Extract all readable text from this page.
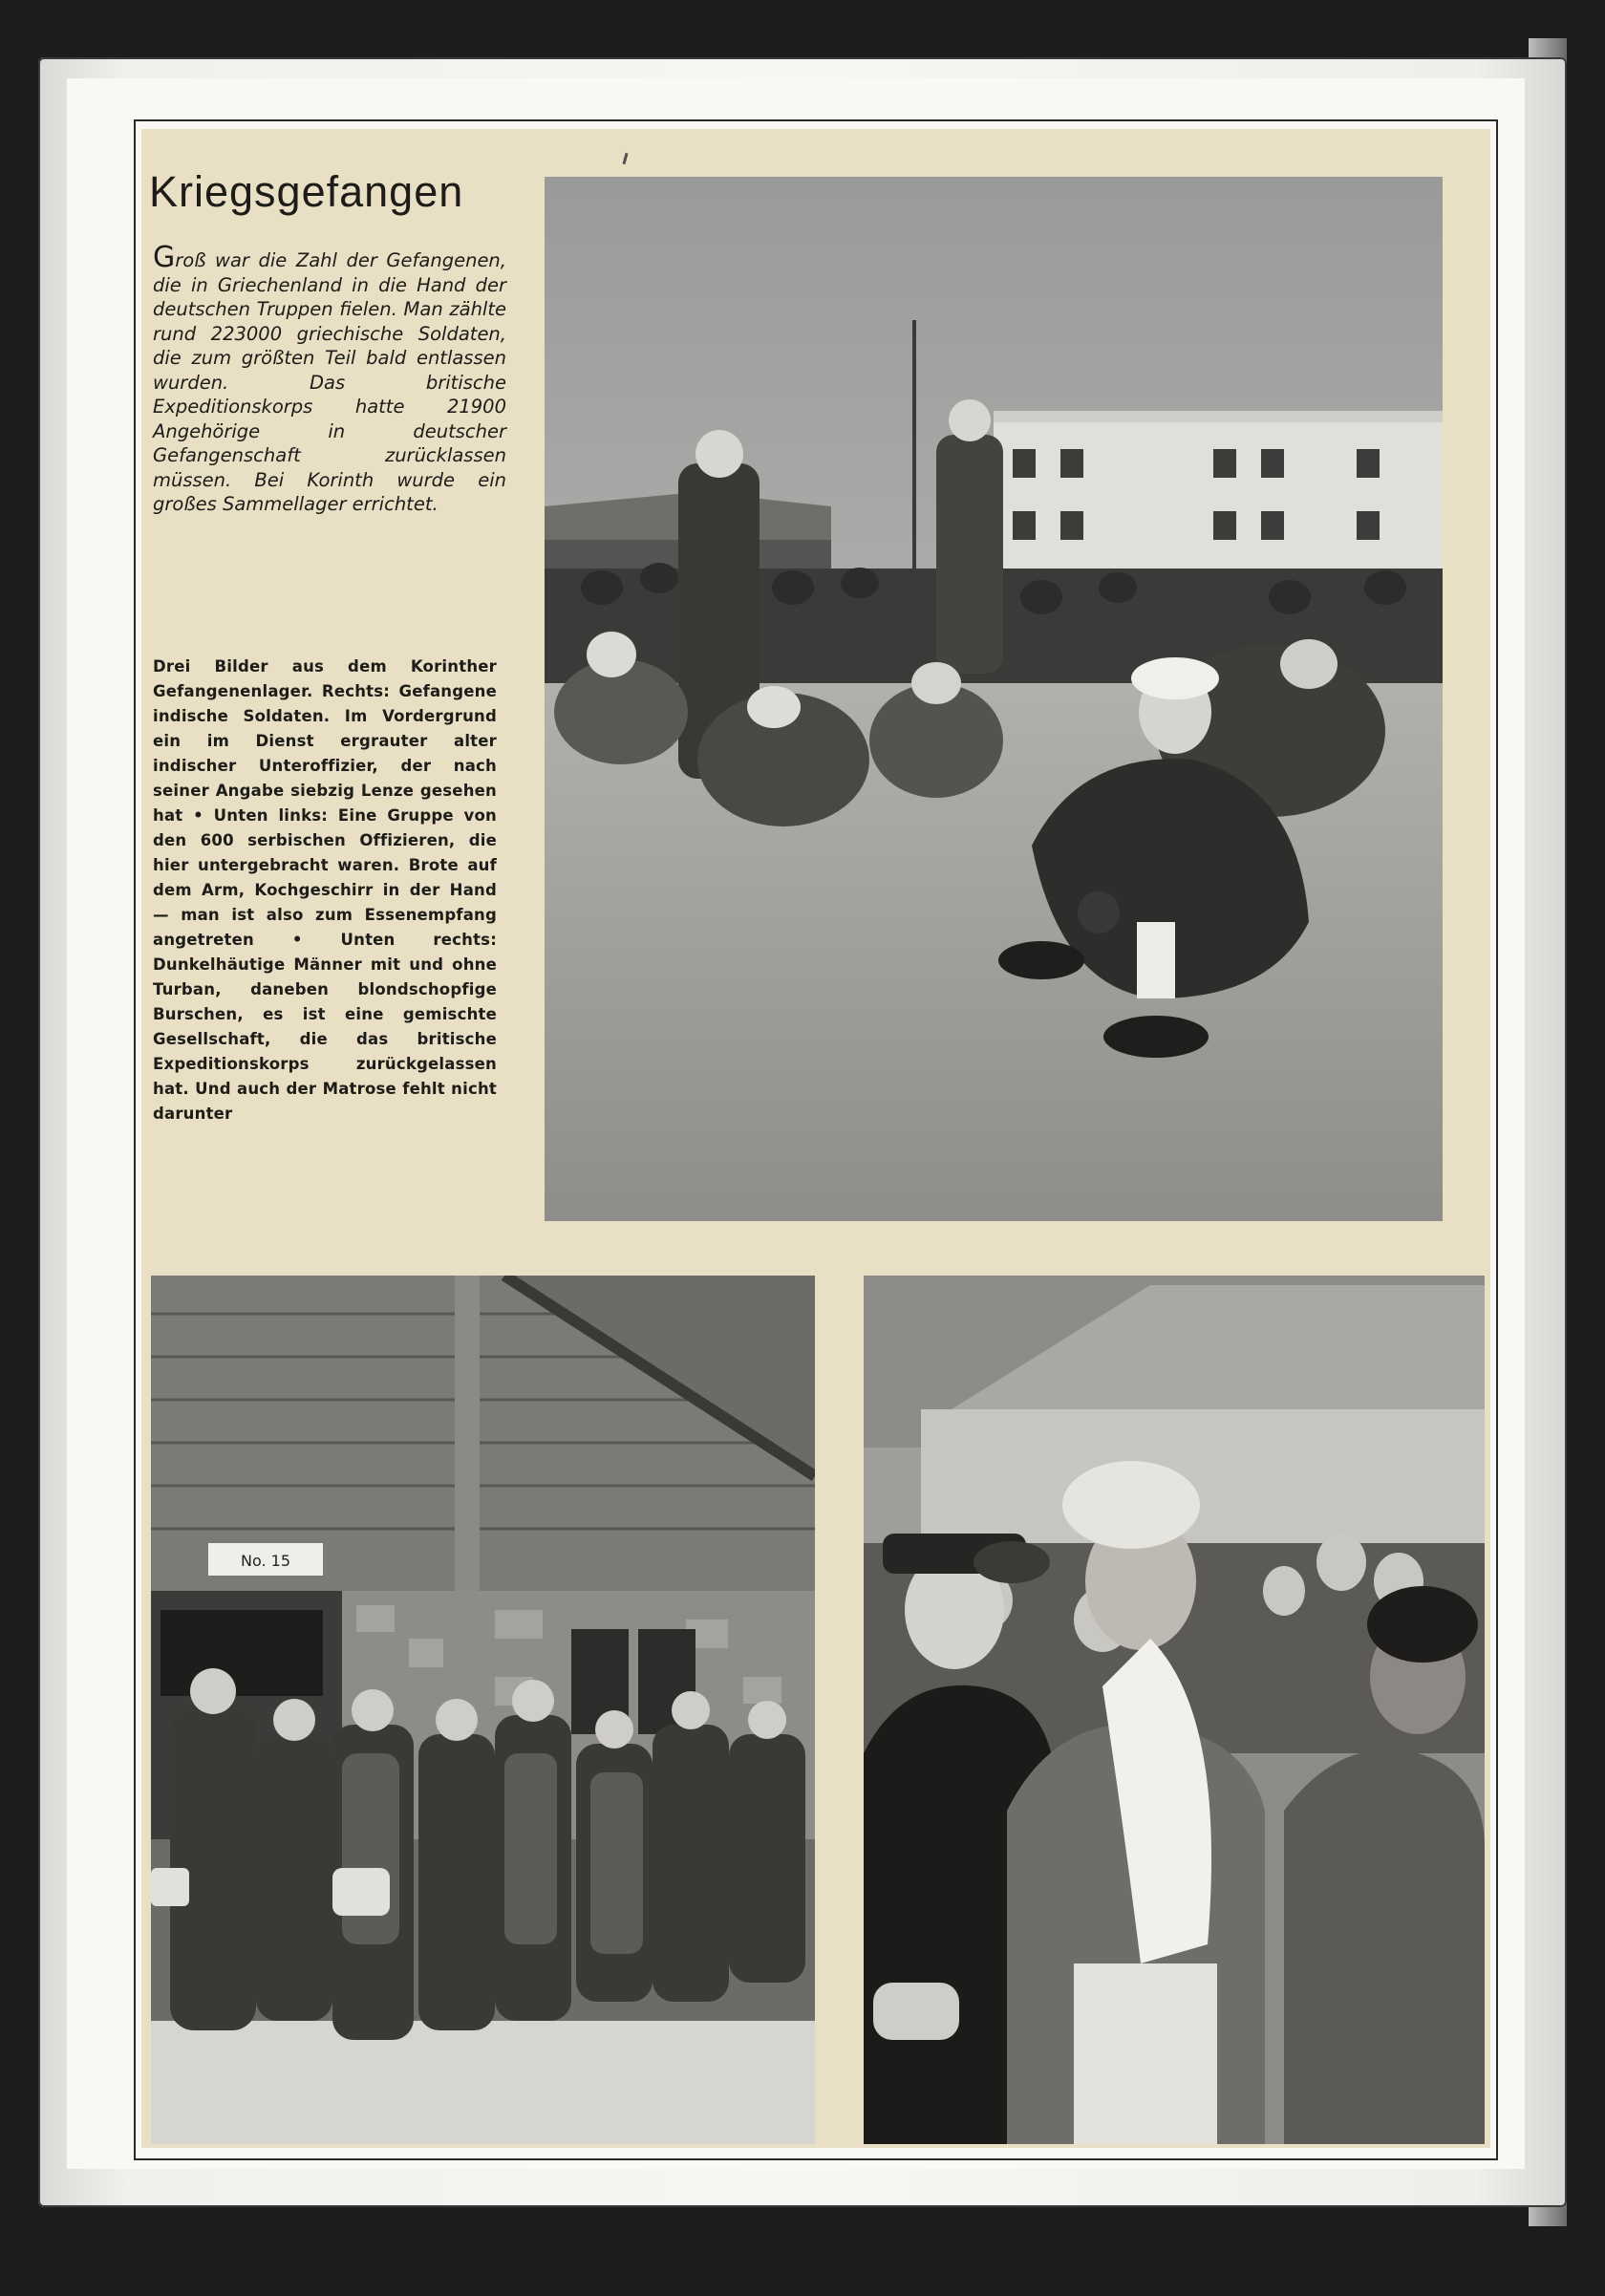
Kriegsgefangen

Groß war die Zahl der Gefangenen, die in Griechenland in die Hand der deutschen Truppen fielen. Man zählte rund 223000 griechische Soldaten, die zum größten Teil bald entlassen wurden. Das britische Expeditionskorps hatte 21900 Angehörige in deutscher Gefangenschaft zurücklassen müssen. Bei Korinth wurde ein großes Sammellager errichtet.

Drei Bilder aus dem Korinther Gefangenenlager. Rechts: Gefangene indische Soldaten. Im Vordergrund ein im Dienst ergrauter alter indischer Unteroffizier, der nach seiner Angabe siebzig Lenze gesehen hat • Unten links: Eine Gruppe von den 600 serbischen Offizieren, die hier untergebracht waren. Brote auf dem Arm, Kochgeschirr in der Hand — man ist also zum Essenempfang angetreten • Unten rechts: Dunkelhäutige Männer mit und ohne Turban, daneben blondschopfige Burschen, es ist eine gemischte Gesellschaft, die das britische Expeditionskorps zurückgelassen hat. Und auch der Matrose fehlt nicht darunter

No. 15
